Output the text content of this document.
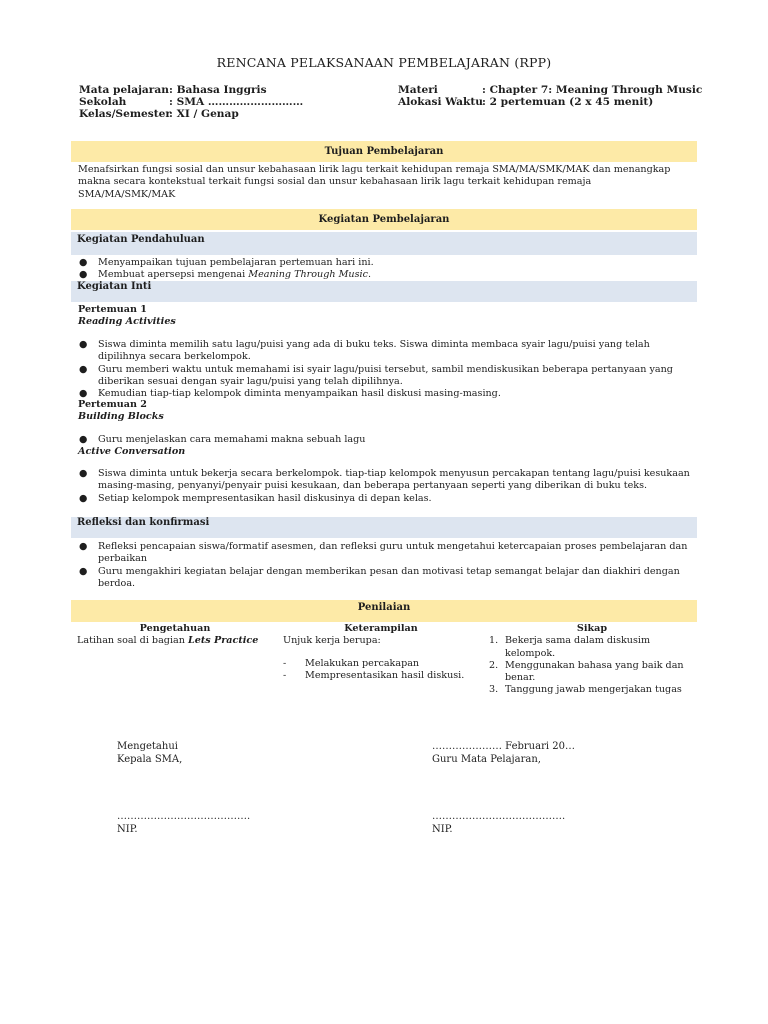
RENCANA PELAKSANAAN PEMBELAJARAN (RPP)
Mata pelajaran: Bahasa Inggris
Sekolah	: SMA ………………………
Kelas/Semester: XI / Genap
Materi	: Chapter 7: Meaning Through Music
Alokasi Waktu: 2 pertemuan (2 x 45 menit)
Tujuan Pembelajaran
Menafsirkan fungsi sosial dan unsur kebahasaan lirik lagu terkait kehidupan remaja SMA/MA/SMK/MAK dan menangkap makna secara kontekstual terkait fungsi sosial dan unsur kebahasaan lirik lagu terkait kehidupan remaja SMA/MA/SMK/MAK
Kegiatan Pembelajaran
Kegiatan Pendahuluan
● Menyampaikan tujuan pembelajaran pertemuan hari ini.
● Membuat apersepsi mengenai Meaning Through Music.
Kegiatan Inti
Pertemuan 1
Reading Activities
● Siswa diminta memilih satu lagu/puisi yang ada di buku teks. Siswa diminta membaca syair lagu/puisi yang telah dipilihnya secara berkelompok.
● Guru memberi waktu untuk memahami isi syair lagu/puisi tersebut, sambil mendiskusikan beberapa pertanyaan yang diberikan sesuai dengan syair lagu/puisi yang telah dipilihnya.
● Kemudian tiap-tiap kelompok diminta menyampaikan hasil diskusi masing-masing.
Pertemuan 2
Building Blocks
● Guru menjelaskan cara memahami makna sebuah lagu
Active Conversation
● Siswa diminta untuk bekerja secara berkelompok. tiap-tiap kelompok menyusun percakapan tentang lagu/puisi kesukaan masing-masing, penyanyi/penyair puisi kesukaan, dan beberapa pertanyaan seperti yang diberikan di buku teks.
● Setiap kelompok mempresentasikan hasil diskusinya di depan kelas.
Refleksi dan konfirmasi
● Refleksi pencapaian siswa/formatif asesmen, dan refleksi guru untuk mengetahui ketercapaian proses pembelajaran dan perbaikan
● Guru mengakhiri kegiatan belajar dengan memberikan pesan dan motivasi tetap semangat belajar dan diakhiri dengan berdoa.
Penilaian
Pengetahuan
Latihan soal di bagian Lets Practice
Keterampilan
Unjuk kerja berupa:
- Melakukan percakapan
- Mempresentasikan hasil diskusi.
Sikap
1. Bekerja sama dalam diskusim kelompok.
2. Menggunakan bahasa yang baik dan benar.
3. Tanggung jawab mengerjakan tugas
Mengetahui
Kepala SMA,
………………………………….
NIP.
………………… Februari 20…
Guru Mata Pelajaran,
………………………………….
NIP.
